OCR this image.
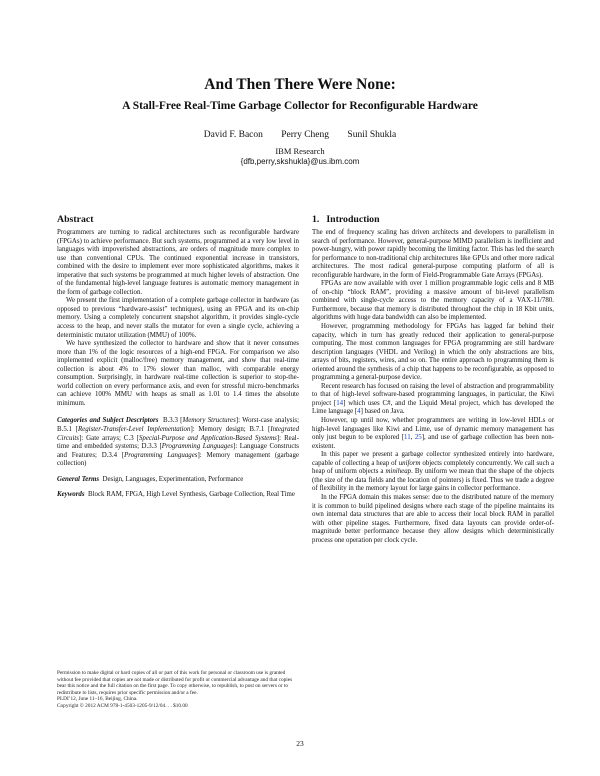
And Then There Were None:
A Stall-Free Real-Time Garbage Collector for Reconfigurable Hardware
David F. Bacon Perry Cheng Sunil Shukla
IBM Research
{dfb,perry,skshukla}@us.ibm.com
Abstract

Programmers are turning to radical architectures such as reconfigurable hardware (FPGAs) to achieve performance. But such systems, programmed at a very low level in languages with impoverished abstractions, are orders of magnitude more complex to use than conventional CPUs. The continued exponential increase in transistors, combined with the desire to implement ever more sophisticated algorithms, makes it imperative that such systems be programmed at much higher levels of abstraction. One of the fundamental high-level language features is automatic memory management in the form of garbage collection.

We present the first implementation of a complete garbage collector in hardware (as opposed to previous “hardware-assist” techniques), using an FPGA and its on-chip memory. Using a completely concurrent snapshot algorithm, it provides single-cycle access to the heap, and never stalls the mutator for even a single cycle, achieving a deterministic mutator utilization (MMU) of 100%.

We have synthesized the collector to hardware and show that it never consumes more than 1% of the logic resources of a high-end FPGA. For comparison we also implemented explicit (malloc/free) memory management, and show that real-time collection is about 4% to 17% slower than malloc, with comparable energy consumption. Surprisingly, in hardware real-time collection is superior to stop-the-world collection on every performance axis, and even for stressful micro-benchmarks can achieve 100% MMU with heaps as small as 1.01 to 1.4 times the absolute minimum.

Categories and Subject Descriptors B.3.3 [Memory Structures]: Worst-case analysis; B.5.1 [Register-Transfer-Level Implementation]: Memory design; B.7.1 [Integrated Circuits]: Gate arrays; C.3 [Special-Purpose and Application-Based Systems]: Real-time and embedded systems; D.3.3 [Programming Languages]: Language Constructs and Features; D.3.4 [Programming Languages]: Memory management (garbage collection)

General Terms Design, Languages, Experimentation, Performance

Keywords Block RAM, FPGA, High Level Synthesis, Garbage Collection, Real Time

Permission to make digital or hard copies of all or part of this work for personal or classroom use is granted without fee provided that copies are not made or distributed for profit or commercial advantage and that copies bear this notice and the full citation on the first page. To copy otherwise, to republish, to post on servers or to redistribute to lists, requires prior specific permission and/or a fee.
PLDI’12, June 11–16, Beijing, China.
Copyright © 2012 ACM 978-1-4503-1205-9/12/04. . . $10.00
1. Introduction

The end of frequency scaling has driven architects and developers to parallelism in search of performance. However, general-purpose MIMD parallelism is inefficient and power-hungry, with power rapidly becoming the limiting factor. This has led the search for performance to non-traditional chip architectures like GPUs and other more radical architectures. The most radical general-purpose computing platform of all is reconfigurable hardware, in the form of Field-Programmable Gate Arrays (FPGAs).

FPGAs are now available with over 1 million programmable logic cells and 8 MB of on-chip “block RAM”, providing a massive amount of bit-level parallelism combined with single-cycle access to the memory capacity of a VAX-11/780. Furthermore, because that memory is distributed throughout the chip in 18 Kbit units, algorithms with huge data bandwidth can also be implemented.

However, programming methodology for FPGAs has lagged far behind their capacity, which in turn has greatly reduced their application to general-purpose computing. The most common languages for FPGA programming are still hardware description languages (VHDL and Verilog) in which the only abstractions are bits, arrays of bits, registers, wires, and so on. The entire approach to programming them is oriented around the synthesis of a chip that happens to be reconfigurable, as opposed to programming a general-purpose device.

Recent research has focused on raising the level of abstraction and programmability to that of high-level software-based programming languages, in particular, the Kiwi project [14] which uses C#, and the Liquid Metal project, which has developed the Lime language [4] based on Java.

However, up until now, whether programmers are writing in low-level HDLs or high-level languages like Kiwi and Lime, use of dynamic memory management has only just begun to be explored [11, 25], and use of garbage collection has been non-existent.

In this paper we present a garbage collector synthesized entirely into hardware, capable of collecting a heap of uniform objects completely concurrently. We call such a heap of uniform objects a miniheap. By uniform we mean that the shape of the objects (the size of the data fields and the location of pointers) is fixed. Thus we trade a degree of flexibility in the memory layout for large gains in collector performance.

In the FPGA domain this makes sense: due to the distributed nature of the memory it is common to build pipelined designs where each stage of the pipeline maintains its own internal data structures that are able to access their local block RAM in parallel with other pipeline stages. Furthermore, fixed data layouts can provide order-of-magnitude better performance because they allow designs which deterministically process one operation per clock cycle.

23
